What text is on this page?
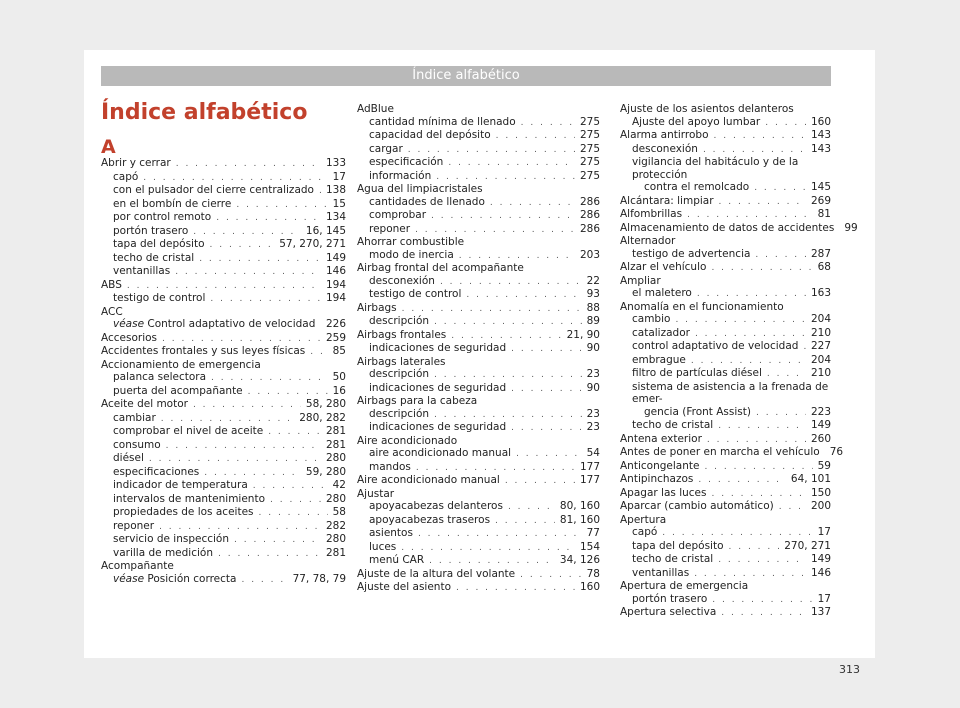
Índice alfabético
Índice alfabético
A
Abrir y cerrar . . .	133
capó . . .	17
con el pulsador del cierre centralizado . . . 138
en el bombín de cierre . . .	15
por control remoto . . .	134
portón trasero . . .	16, 145
tapa del depósito . . .	57, 270, 271
techo de cristal . . .	149
ventanillas . . .	146
ABS . . .	194
testigo de control . . .	194
ACC
véase Control adaptativo de velocidad . . . 226
Accesorios . . .	259
Accidentes frontales y sus leyes físicas . . .	85
Accionamiento de emergencia
palanca selectora . . .	50
puerta del acompañante . . .	16
Aceite del motor . . .	58, 280
cambiar . . .	280, 282
comprobar el nivel de aceite . . .	281
consumo . . .	281
diésel . . .	280
especificaciones . . .	59, 280
indicador de temperatura . . .	42
intervalos de mantenimiento . . .	280
propiedades de los aceites . . .	58
reponer . . .	282
servicio de inspección . . .	280
varilla de medición . . .	281
Acompañante
véase Posición correcta . . .	77, 78, 79
AdBlue
cantidad mínima de llenado . . .	275
capacidad del depósito . . .	275
cargar . . .	275
especificación . . .	275
información . . .	275
Agua del limpiacristales
cantidades de llenado . . .	286
comprobar . . .	286
reponer . . .	286
Ahorrar combustible
modo de inercia . . .	203
Airbag frontal del acompañante
desconexión . . .	22
testigo de control . . .	93
Airbags . . .	88
descripción . . .	89
Airbags frontales . . .	21, 90
indicaciones de seguridad . . .	90
Airbags laterales
descripción . . .	23
indicaciones de seguridad . . .	90
Airbags para la cabeza
descripción . . .	23
indicaciones de seguridad . . .	23
Aire acondicionado
aire acondicionado manual . . .	54
mandos . . .	177
Aire acondicionado manual . . .	177
Ajustar
apoyacabezas delanteros . . .	80, 160
apoyacabezas traseros . . .	81, 160
asientos . . .	77
luces . . .	154
menú CAR . . .	34, 126
Ajuste de la altura del volante . . .	78
Ajuste del asiento . . .	160
Ajuste de los asientos delanteros
Ajuste del apoyo lumbar . . .	160
Alarma antirrobo . . .	143
desconexión . . .	143
vigilancia del habitáculo y de la protección
contra el remolcado . . .	145
Alcántara: limpiar . . .	269
Alfombrillas . . .	81
Almacenamiento de datos de accidentes 99
Alternador
testigo de advertencia . . .	287
Alzar el vehículo . . .	68
Ampliar
el maletero . . .	163
Anomalía en el funcionamiento
cambio . . .	204
catalizador . . .	210
control adaptativo de velocidad . . . 227
embrague . . .	204
filtro de partículas diésel . . .	210
sistema de asistencia a la frenada de emer-
gencia (Front Assist) . . .	223
techo de cristal . . .	149
Antena exterior . . .	260
Antes de poner en marcha el vehículo 76
Anticongelante . . .	59
Antipinchazos . . .	64, 101
Apagar las luces . . .	150
Aparcar (cambio automático) . . .	200
Apertura
capó . . .	17
tapa del depósito . . .	270, 271
techo de cristal . . .	149
ventanillas . . .	146
Apertura de emergencia
portón trasero . . .	17
Apertura selectiva . . .	137
313
